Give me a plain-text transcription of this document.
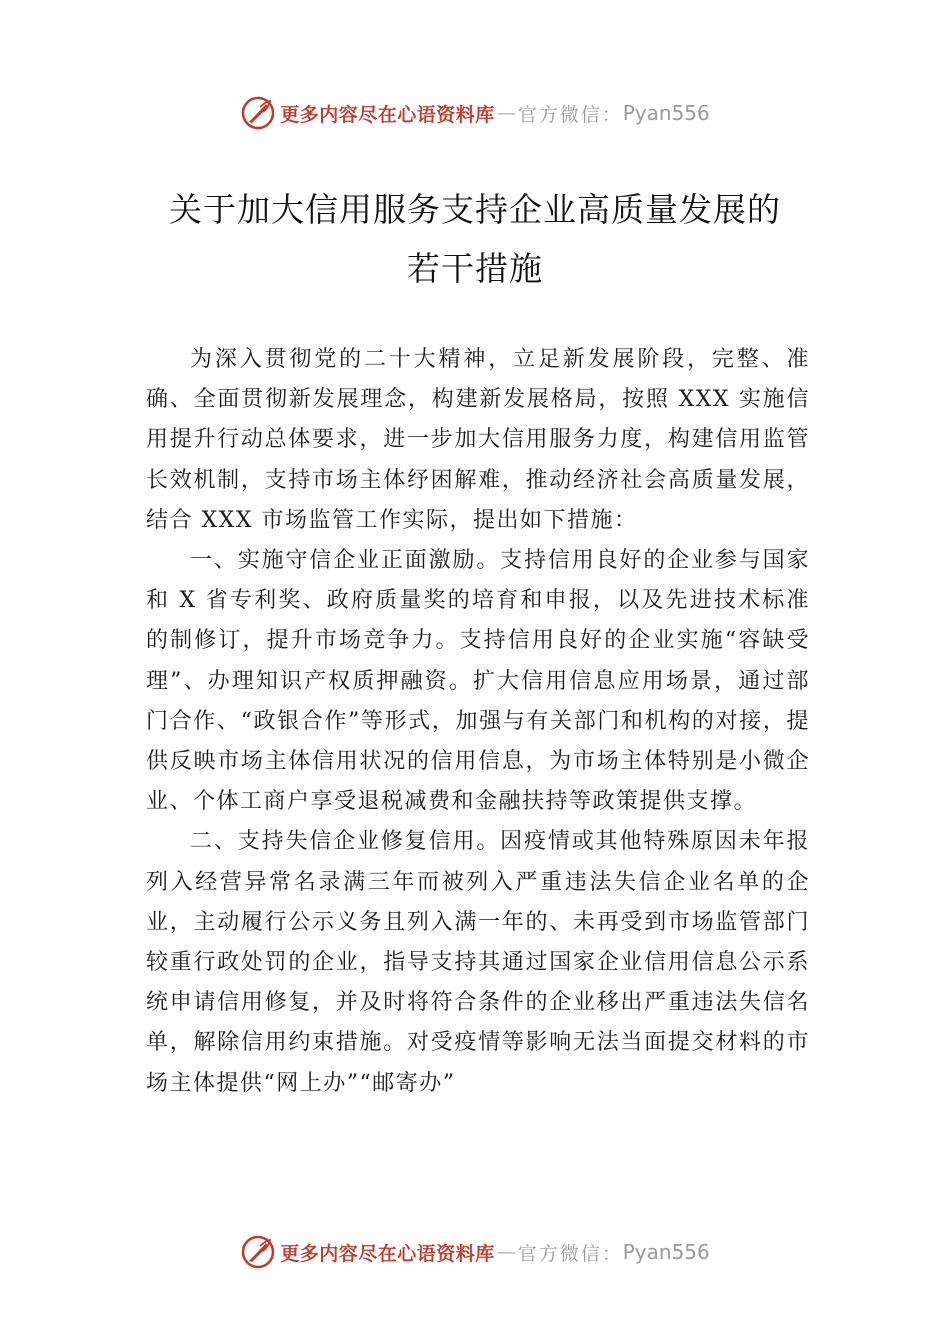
更多内容尽在心语资料库 — 官方微信： Pyan556
关于加大信用服务支持企业高质量发展的
若干措施

为深入贯彻党的二十大精神，立足新发展阶段，完整、准确、全面贯彻新发展理念，构建新发展格局，按照 XXX 实施信用提升行动总体要求，进一步加大信用服务力度，构建信用监管长效机制，支持市场主体纾困解难，推动经济社会高质量发展，结合 XXX 市场监管工作实际，提出如下措施：

一、实施守信企业正面激励。支持信用良好的企业参与国家和 X 省专利奖、政府质量奖的培育和申报，以及先进技术标准的制修订，提升市场竞争力。支持信用良好的企业实施“容缺受理”、办理知识产权质押融资。扩大信用信息应用场景，通过部门合作、“政银合作”等形式，加强与有关部门和机构的对接，提供反映市场主体信用状况的信用信息，为市场主体特别是小微企业、个体工商户享受退税减费和金融扶持等政策提供支撑。

二、支持失信企业修复信用。因疫情或其他特殊原因未年报列入经营异常名录满三年而被列入严重违法失信企业名单的企业，主动履行公示义务且列入满一年的、未再受到市场监管部门较重行政处罚的企业，指导支持其通过国家企业信用信息公示系统申请信用修复，并及时将符合条件的企业移出严重违法失信名单，解除信用约束措施。对受疫情等影响无法当面提交材料的市场主体提供“网上办”“邮寄办”

更多内容尽在心语资料库 — 官方微信： Pyan556
